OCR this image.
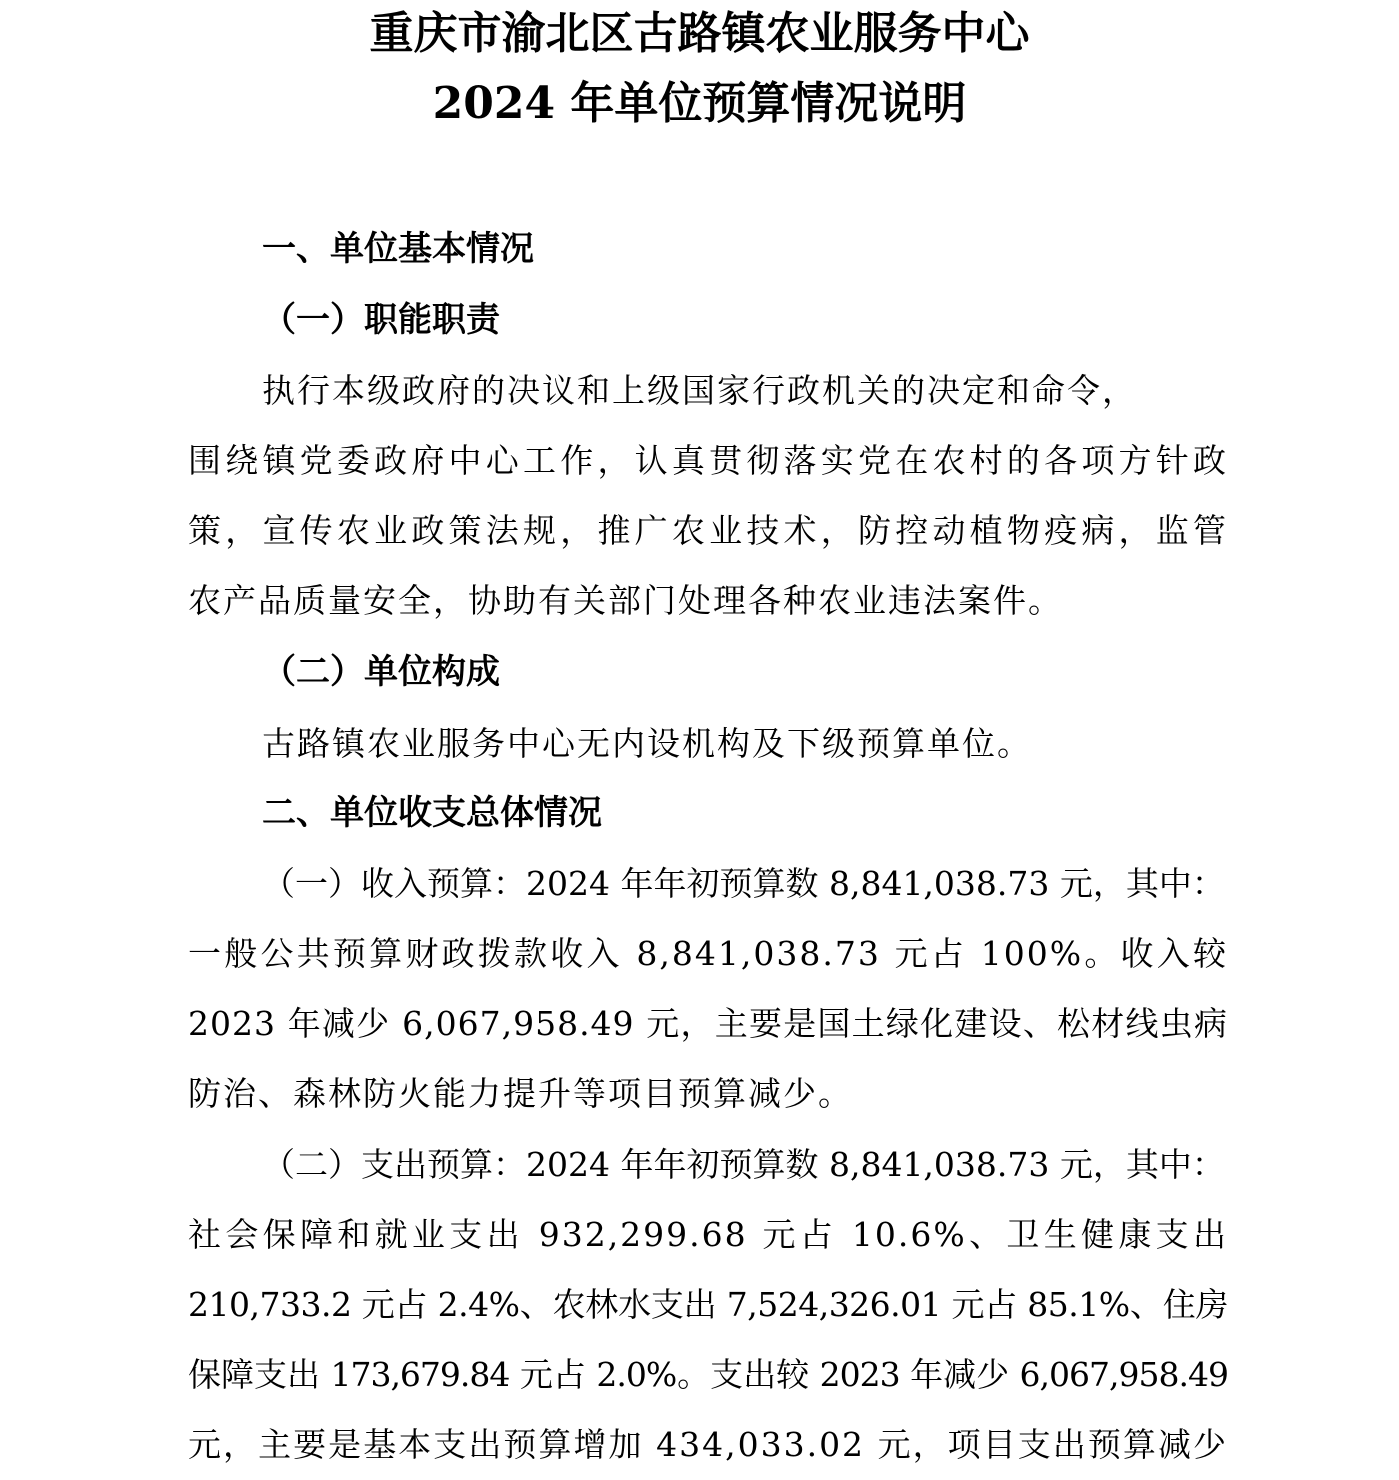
重庆市渝北区古路镇农业服务中心
2024 年单位预算情况说明
一、单位基本情况
（一）职能职责
执行本级政府的决议和上级国家行政机关的决定和命令，
围绕镇党委政府中心工作，认真贯彻落实党在农村的各项方针政
策，宣传农业政策法规，推广农业技术，防控动植物疫病，监管
农产品质量安全，协助有关部门处理各种农业违法案件。
（二）单位构成
古路镇农业服务中心无内设机构及下级预算单位。
二、单位收支总体情况
（一）收入预算：2024 年年初预算数 8,841,038.73 元，其中：
一般公共预算财政拨款收入 8,841,038.73 元占 100%。收入较
2023 年减少 6,067,958.49 元，主要是国土绿化建设、松材线虫病
防治、森林防火能力提升等项目预算减少。
（二）支出预算：2024 年年初预算数 8,841,038.73 元，其中：
社会保障和就业支出 932,299.68 元占 10.6%、卫生健康支出
210,733.2 元占 2.4%、农林水支出 7,524,326.01 元占 85.1%、住房
保障支出 173,679.84 元占 2.0%。支出较 2023 年减少 6,067,958.49
元，主要是基本支出预算增加 434,033.02 元，项目支出预算减少
